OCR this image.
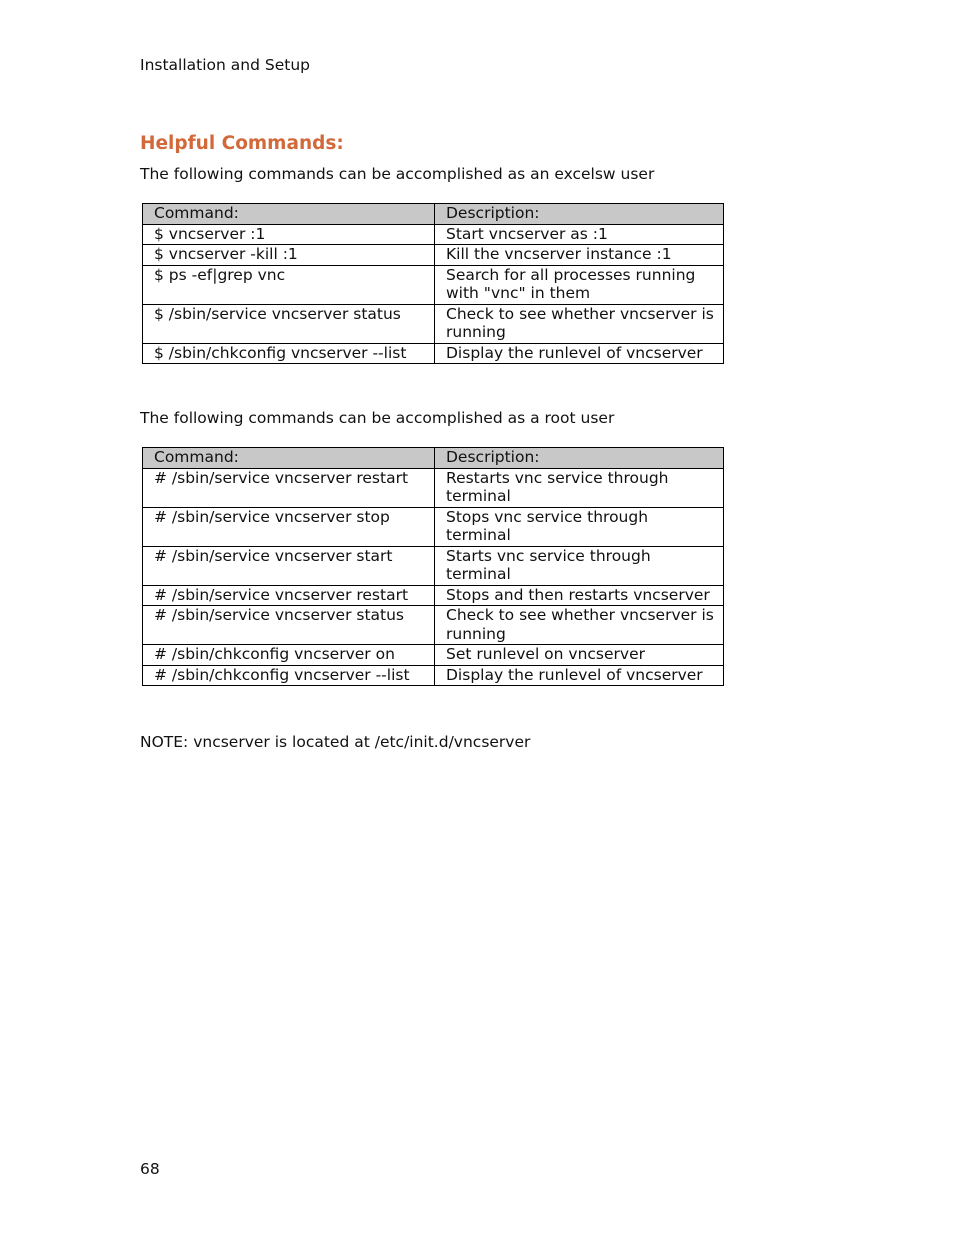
Installation and Setup
Helpful Commands:
The following commands can be accomplished as an excelsw user
Command:	Description:
$ vncserver :1	Start vncserver as :1
$ vncserver -kill :1	Kill the vncserver instance :1
$ ps -ef|grep vnc	Search for all processes running with "vnc" in them
$ /sbin/service vncserver status	Check to see whether vncserver is running
$ /sbin/chkconfig vncserver --list	Display the runlevel of vncserver
The following commands can be accomplished as a root user
Command:	Description:
# /sbin/service vncserver restart	Restarts vnc service through terminal
# /sbin/service vncserver stop	Stops vnc service through terminal
# /sbin/service vncserver start	Starts vnc service through terminal
# /sbin/service vncserver restart	Stops and then restarts vncserver
# /sbin/service vncserver status	Check to see whether vncserver is running
# /sbin/chkconfig vncserver on	Set runlevel on vncserver
# /sbin/chkconfig vncserver --list	Display the runlevel of vncserver
NOTE: vncserver is located at /etc/init.d/vncserver
68
